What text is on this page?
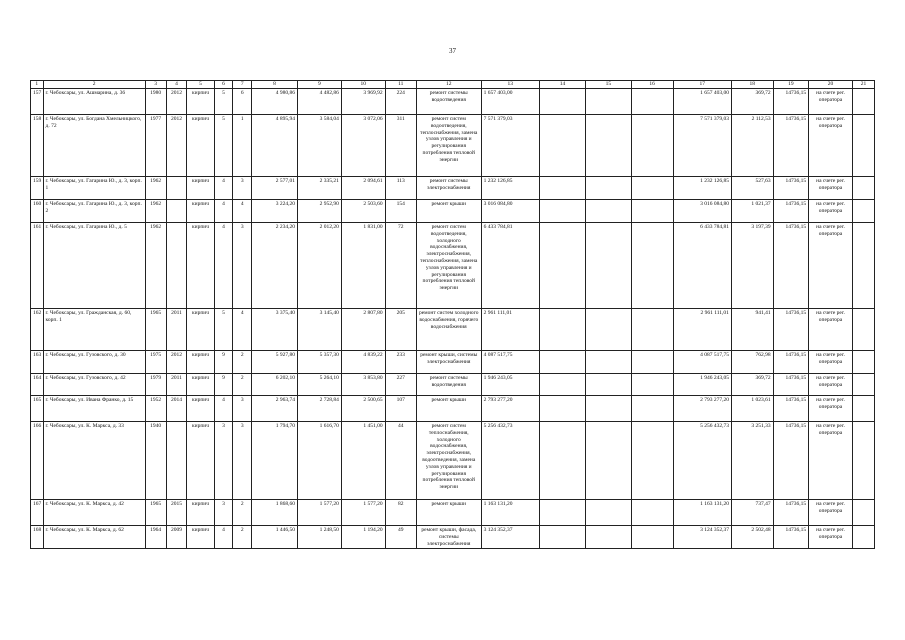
37
1	2	3	4	5	6	7	8	9	10	11	12	13	14	15	16	17	18	19	20	21
157	г. Чебоксары, ул. Ашмарина, д. 36	1980	2012	кирпич	5	6	4 980,86	4 482,86	3 969,92	224	ремонт системы водоотведения	1 657 403,00				1 657 403,00	369,72	14736,15	на счете рег. оператора	
158	г. Чебоксары, ул. Богдана Хмельницкого, д. 72	1977	2012	кирпич	5	1	4 895,94	3 584,04	3 072,06	311	ремонт систем водоотведения, теплоснабжения, замена узлов управления и регулирования потребления тепловой энергии	7 571 379,03				7 571 379,03	2 112,53	14736,15	на счете рег. оператора	
159	г. Чебоксары, ул. Гагарина Ю., д. 3, корп. 1	1962		кирпич	4	3	2 577,01	2 335,21	2 094,61	113	ремонт системы электроснабжения	1 232 126,85				1 232 126,85	527,63	14736,15	на счете рег. оператора	
160	г. Чебоксары, ул. Гагарина Ю., д. 3, корп. 2	1962		кирпич	4	4	3 224,20	2 952,90	2 503,60	154	ремонт крыши	3 016 084,80				3 016 084,80	1 021,37	14736,15	на счете рег. оператора	
161	г. Чебоксары, ул. Гагарина Ю., д. 5	1962		кирпич	4	3	2 234,20	2 012,20	1 831,00	72	ремонт систем водоотведения, холодного водоснабжения, электроснабжения, теплоснабжения, замена узлов управления и регулирования потребления тепловой энергии	6 433 784,81				6 433 784,81	3 197,39	14736,15	на счете рег. оператора	
162	г. Чебоксары, ул. Гражданская, д. 60, корп. 1	1965	2011	кирпич	5	4	3 375,40	3 145,40	2 807,80	205	ремонт систем холодного водоснабжения, горячего водоснабжения	2 961 111,01				2 961 111,01	941,41	14736,15	на счете рег. оператора	
163	г. Чебоксары, ул. Гузовского, д. 30	1975	2012	кирпич	9	2	5 927,80	5 357,30	4 839,22	233	ремонт крыши, системы электроснабжения	4 087 517,75				4 087 517,75	762,98	14736,15	на счете рег. оператора	
164	г. Чебоксары, ул. Гузовского, д. 42	1979	2011	кирпич	9	2	6 202,10	5 264,10	3 853,80	227	ремонт системы водоотведения	1 946 243,05				1 946 243,05	369,72	14736,15	на счете рег. оператора	
165	г. Чебоксары, ул. Ивана Франко, д. 15	1952	2014	кирпич	4	3	2 963,74	2 728,84	2 500,65	107	ремонт крыши	2 793 277,20				2 793 277,20	1 023,61	14736,15	на счете рег. оператора	
166	г. Чебоксары, ул. К. Маркса, д. 33	1940		кирпич	3	3	1 794,70	1 616,70	1 451,00	44	ремонт систем теплоснабжения, холодного водоснабжения, электроснабжения, водоотведения, замена узлов управления и регулирования потребления тепловой энергии	5 256 432,73				5 256 432,73	3 251,33	14736,15	на счете рег. оператора	
167	г. Чебоксары, ул. К. Маркса, д. 42	1965	2015	кирпич	3	2	1 868,60	1 577,20	1 577,20	82	ремонт крыши	1 163 131,20				1 163 131,20	737,47	14736,15	на счете рег. оператора	
168	г. Чебоксары, ул. К. Маркса, д. 62	1964	2009	кирпич	4	2	1 446,50	1 248,50	1 194,20	49	ремонт крыши, фасада, системы электроснабжения	3 124 352,37				3 124 352,37	2 502,48	14736,15	на счете рег. оператора	
